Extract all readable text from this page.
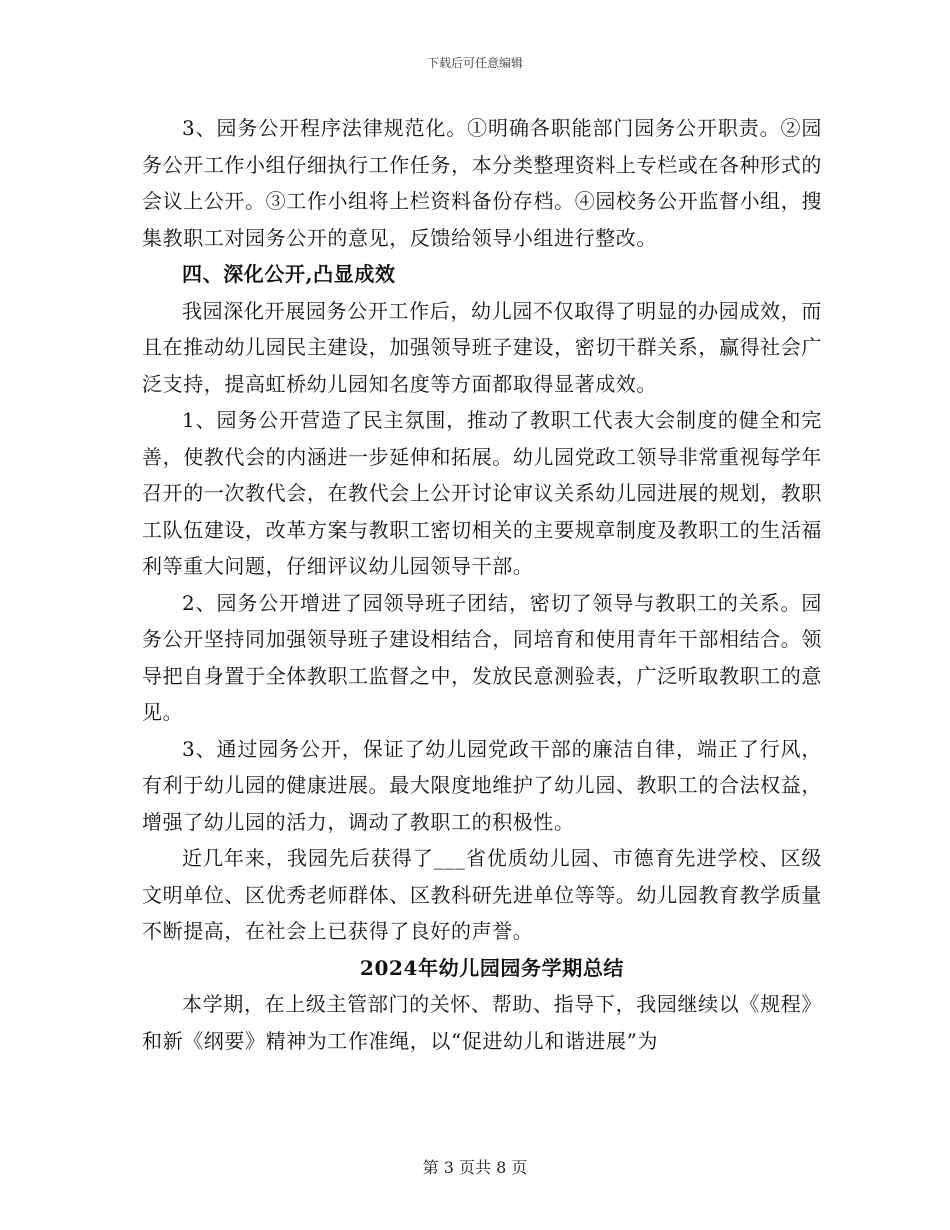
下载后可任意编辑

3、园务公开程序法律规范化。①明确各职能部门园务公开职责。②园务公开工作小组仔细执行工作任务，本分类整理资料上专栏或在各种形式的会议上公开。③工作小组将上栏资料备份存档。④园校务公开监督小组，搜集教职工对园务公开的意见，反馈给领导小组进行整改。

四、深化公开,凸显成效

我园深化开展园务公开工作后，幼儿园不仅取得了明显的办园成效，而且在推动幼儿园民主建设，加强领导班子建设，密切干群关系，赢得社会广泛支持，提高虹桥幼儿园知名度等方面都取得显著成效。

1、园务公开营造了民主氛围，推动了教职工代表大会制度的健全和完善，使教代会的内涵进一步延伸和拓展。幼儿园党政工领导非常重视每学年召开的一次教代会，在教代会上公开讨论审议关系幼儿园进展的规划，教职工队伍建设，改革方案与教职工密切相关的主要规章制度及教职工的生活福利等重大问题，仔细评议幼儿园领导干部。

2、园务公开增进了园领导班子团结，密切了领导与教职工的关系。园务公开坚持同加强领导班子建设相结合，同培育和使用青年干部相结合。领导把自身置于全体教职工监督之中，发放民意测验表，广泛听取教职工的意见。

3、通过园务公开，保证了幼儿园党政干部的廉洁自律，端正了行风，有利于幼儿园的健康进展。最大限度地维护了幼儿园、教职工的合法权益，增强了幼儿园的活力，调动了教职工的积极性。

近几年来，我园先后获得了___省优质幼儿园、市德育先进学校、区级文明单位、区优秀老师群体、区教科研先进单位等等。幼儿园教育教学质量不断提高，在社会上已获得了良好的声誉。

2024年幼儿园园务学期总结

本学期，在上级主管部门的关怀、帮助、指导下，我园继续以《规程》和新《纲要》精神为工作准绳，以“促进幼儿和谐进展”为

第 3 页共 8 页
